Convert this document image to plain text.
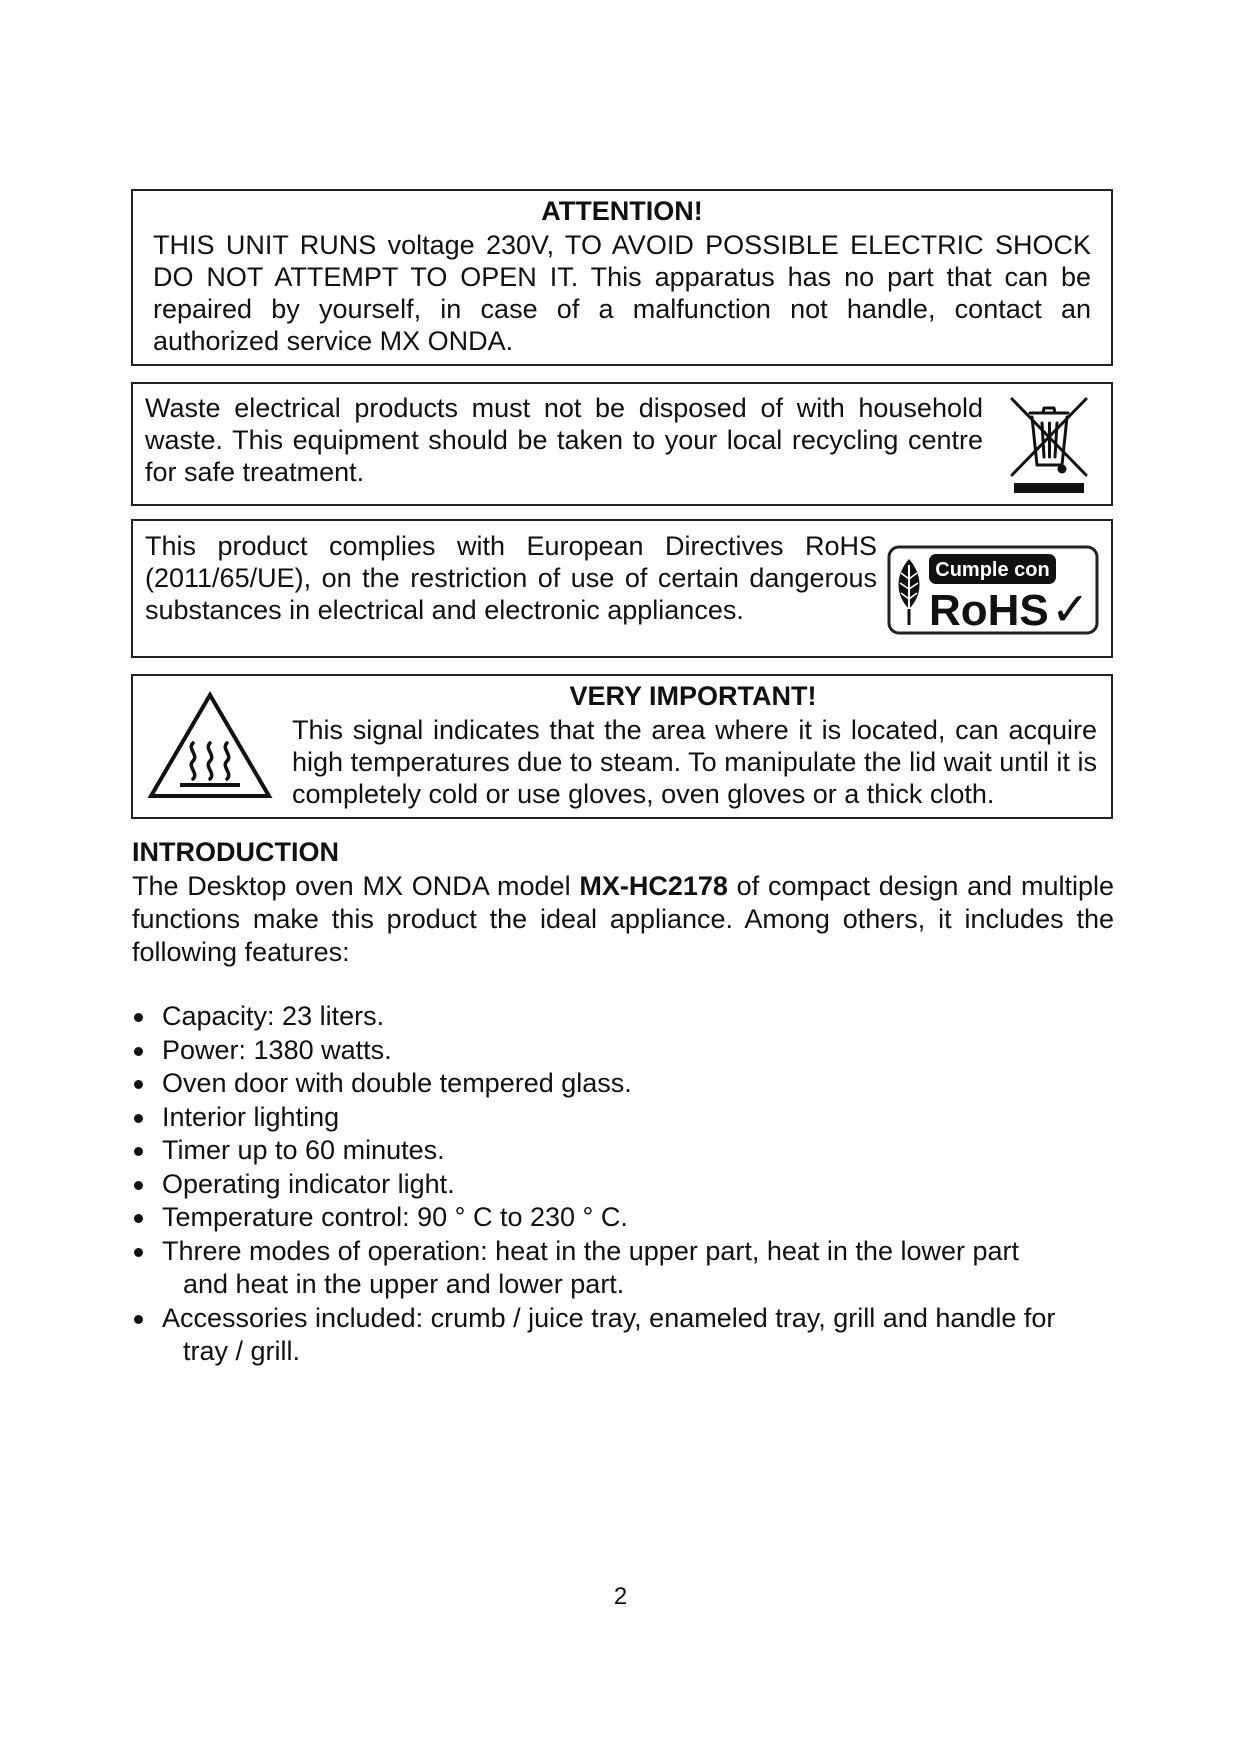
ATTENTION!
THIS UNIT RUNS voltage 230V, TO AVOID POSSIBLE ELECTRIC SHOCK DO NOT ATTEMPT TO OPEN IT. This apparatus has no part that can be repaired by yourself, in case of a malfunction not handle, contact an authorized service MX ONDA.
Waste electrical products must not be disposed of with household waste. This equipment should be taken to your local recycling centre for safe treatment.
This product complies with European Directives RoHS (2011/65/UE), on the restriction of use of certain dangerous substances in electrical and electronic appliances.
Cumple con
RoHS ✓
VERY IMPORTANT!
This signal indicates that the area where it is located, can acquire high temperatures due to steam. To manipulate the lid wait until it is completely cold or use gloves, oven gloves or a thick cloth.
INTRODUCTION

The Desktop oven MX ONDA model MX-HC2178 of compact design and multiple functions make this product the ideal appliance. Among others, it includes the following features:

Capacity: 23 liters.
Power: 1380 watts.
Oven door with double tempered glass.
Interior lighting
Timer up to 60 minutes.
Operating indicator light.
Temperature control: 90 ° C to 230 ° C.
Threre modes of operation: heat in the upper part, heat in the lower part
and heat in the upper and lower part.
Accessories included: crumb / juice tray, enameled tray, grill and handle for
tray / grill.
2
